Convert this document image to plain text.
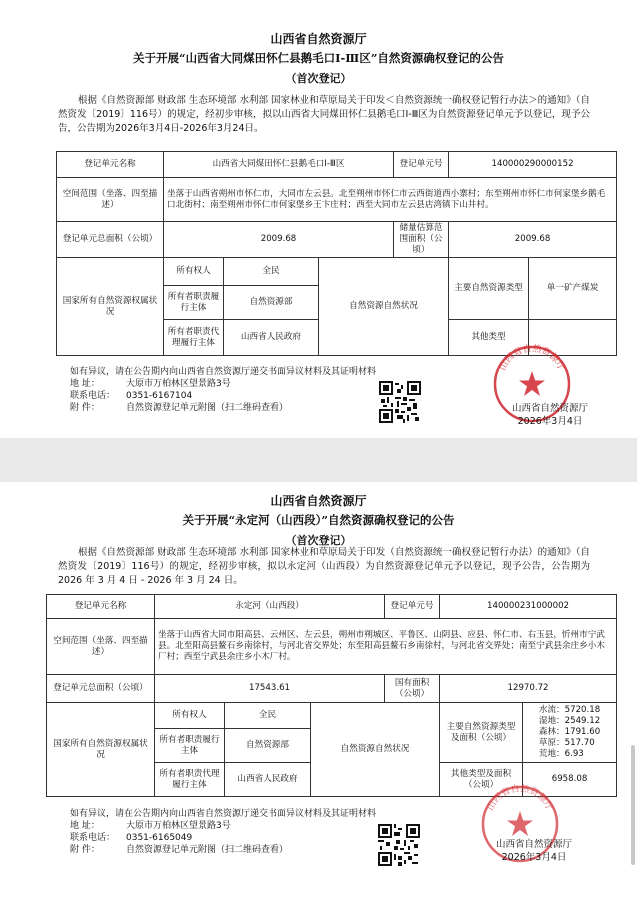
山西省自然资源厅
关于开展“山西省大同煤田怀仁县鹅毛口Ⅰ-Ⅲ区”自然资源确权登记的公告
（首次登记）
根据《自然资源部 财政部 生态环境部 水利部 国家林业和草原局关于印发＜自然资源统一确权登记暂行办法＞的通知》（自然资发〔2019〕116号）的规定，经初步审核，拟以山西省大同煤田怀仁县鹅毛口Ⅰ-Ⅲ区为自然资源登记单元予以登记，现予公告，公告期为2026年3月4日-2026年3月24日。
登记单元名称	山西省大同煤田怀仁县鹅毛口Ⅰ-Ⅲ区			登记单元号	140000290000152	
空间范围（坐落、四至描述）	坐落于山西省朔州市怀仁市，大同市左云县。北至朔州市怀仁市云西街道西小寨村；东至朔州市怀仁市何家堡乡鹅毛口北街村；南至朔州市怀仁市何家堡乡王卞庄村；西至大同市左云县店湾镇下山井村。					
登记单元总面积（公顷）	2009.68			储量估算范围面积（公顷）	2009.68	
国家所有自然资源权属状况	所有权人	全民	自然资源自然状况		主要自然资源类型	单一矿产煤炭
	所有者职责履行主体	自然资源部				
	所有者职责代理履行主体	山西省人民政府			其他类型	
如有异议，请在公告期内向山西省自然资源厅递交书面异议材料及其证明材料
地 址：	大原市万柏林区望景路3号
联系电话： 0351-6167104
附 件：	自然资源登记单元附图（扫二维码查看）
山西省自然资源厅
山西省自然资源厅
2026年3月4日
山西省自然资源厅
关于开展“永定河（山西段）”自然资源确权登记的公告
（首次登记）
根据《自然资源部 财政部 生态环境部 水利部 国家林业和草原局关于印发（自然资源统一确权登记暂行办法）的通知》（自然资发〔2019〕116号）的规定，经初步审核，拟以永定河（山西段）为自然资源登记单元予以登记，现予公告，公告期为 2026 年 3 月 4 日 - 2026 年 3 月 24 日。
登记单元名称	永定河（山西段）			登记单元号	140000231000002	
空间范围（坐落、四至描述）	坐落于山西省大同市阳高县、云州区、左云县，朔州市朔城区、平鲁区、山阴县、应县、怀仁市、右玉县，忻州市宁武县。北至阳高县鳌石乡南徐村，与河北省交界处；东至阳高县鳌石乡南徐村，与河北省交界处；南至宁武县余庄乡小木厂村；西至宁武县余庄乡小木厂村。					
登记单元总面积（公顷）	17543.61			国有面积（公顷）	12970.72	
国家所有自然资源权属状况	所有权人	全民	自然资源自然状况		主要自然资源类型及面积（公顷）	水流：5720.18
湿地：2549.12
森林：1791.60
草原：517.70
荒地：6.93

	所有者职责履行主体	自然资源部				
	所有者职责代理履行主体	山西省人民政府			其他类型及面积（公顷）	6958.08
如有异议，请在公告期内向山西省自然资源厅递交书面异议材料及其证明材料
地 址：	大原市万柏林区望景路3号
联系电话： 0351-6165049
附 件：	自然资源登记单元附图（扫二维码查看）
山西省自然资源厅
山西省自然资源厅
2026年3月4日
